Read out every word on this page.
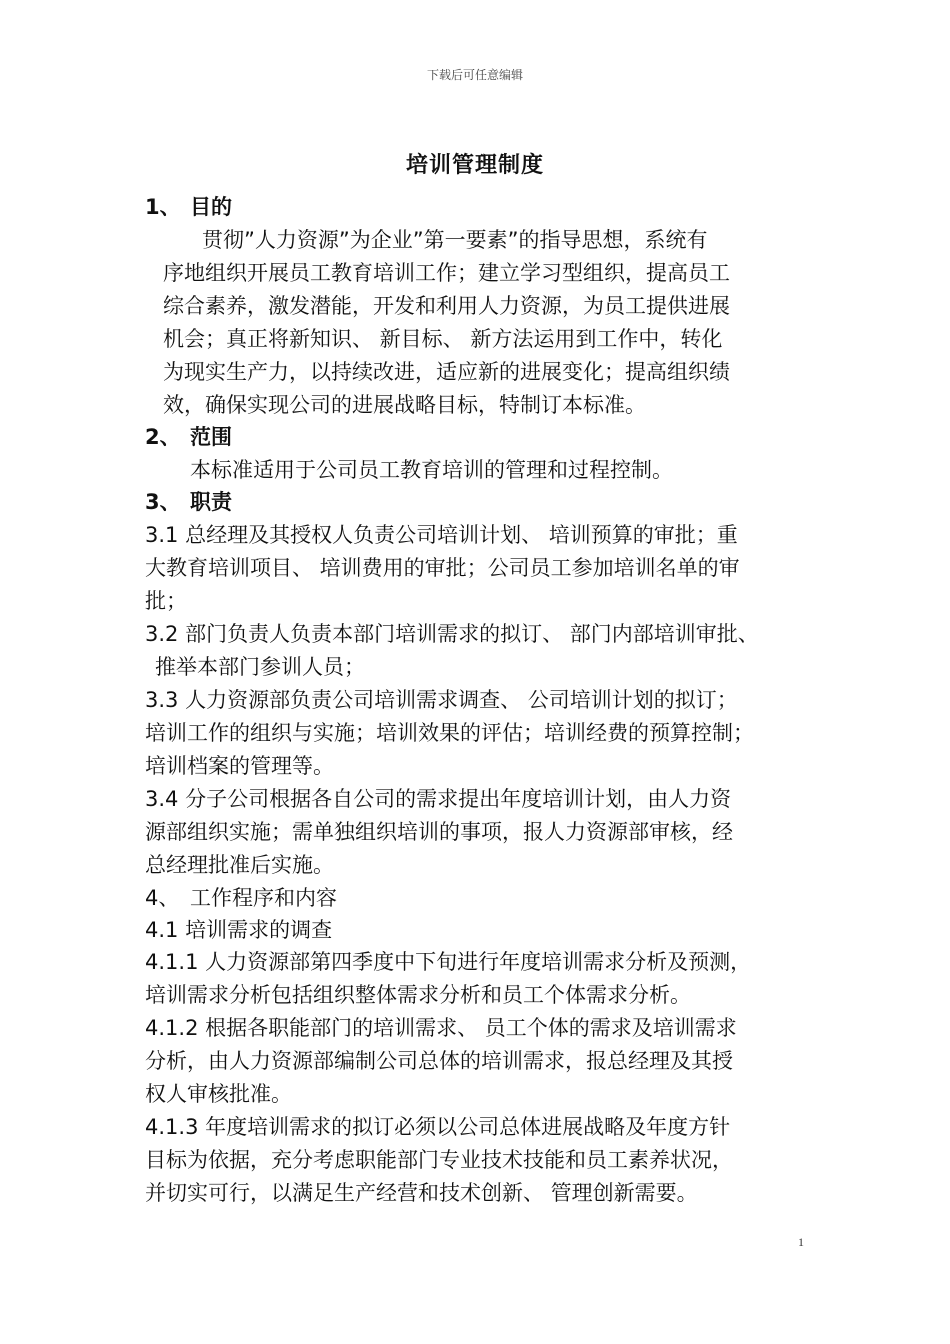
下载后可任意编辑
培训管理制度
1、 目的
贯彻”人力资源”为企业”第一要素”的指导思想，系统有
序地组织开展员工教育培训工作；建立学习型组织，提高员工
综合素养，激发潜能，开发和利用人力资源，为员工提供进展
机会；真正将新知识、 新目标、 新方法运用到工作中，转化
为现实生产力，以持续改进，适应新的进展变化；提高组织绩
效，确保实现公司的进展战略目标，特制订本标准。
2、 范围
本标准适用于公司员工教育培训的管理和过程控制。
3、 职责
3.1 总经理及其授权人负责公司培训计划、 培训预算的审批；重
大教育培训项目、 培训费用的审批；公司员工参加培训名单的审
批；
3.2 部门负责人负责本部门培训需求的拟订、 部门内部培训审批、
推举本部门参训人员；
3.3 人力资源部负责公司培训需求调查、 公司培训计划的拟订；
培训工作的组织与实施；培训效果的评估；培训经费的预算控制；
培训档案的管理等。
3.4 分子公司根据各自公司的需求提出年度培训计划，由人力资
源部组织实施；需单独组织培训的事项，报人力资源部审核，经
总经理批准后实施。
4、 工作程序和内容
4.1 培训需求的调查
4.1.1 人力资源部第四季度中下旬进行年度培训需求分析及预测，
培训需求分析包括组织整体需求分析和员工个体需求分析。
4.1.2 根据各职能部门的培训需求、 员工个体的需求及培训需求
分析，由人力资源部编制公司总体的培训需求，报总经理及其授
权人审核批准。
4.1.3 年度培训需求的拟订必须以公司总体进展战略及年度方针
目标为依据，充分考虑职能部门专业技术技能和员工素养状况，
并切实可行，以满足生产经营和技术创新、 管理创新需要。
1
